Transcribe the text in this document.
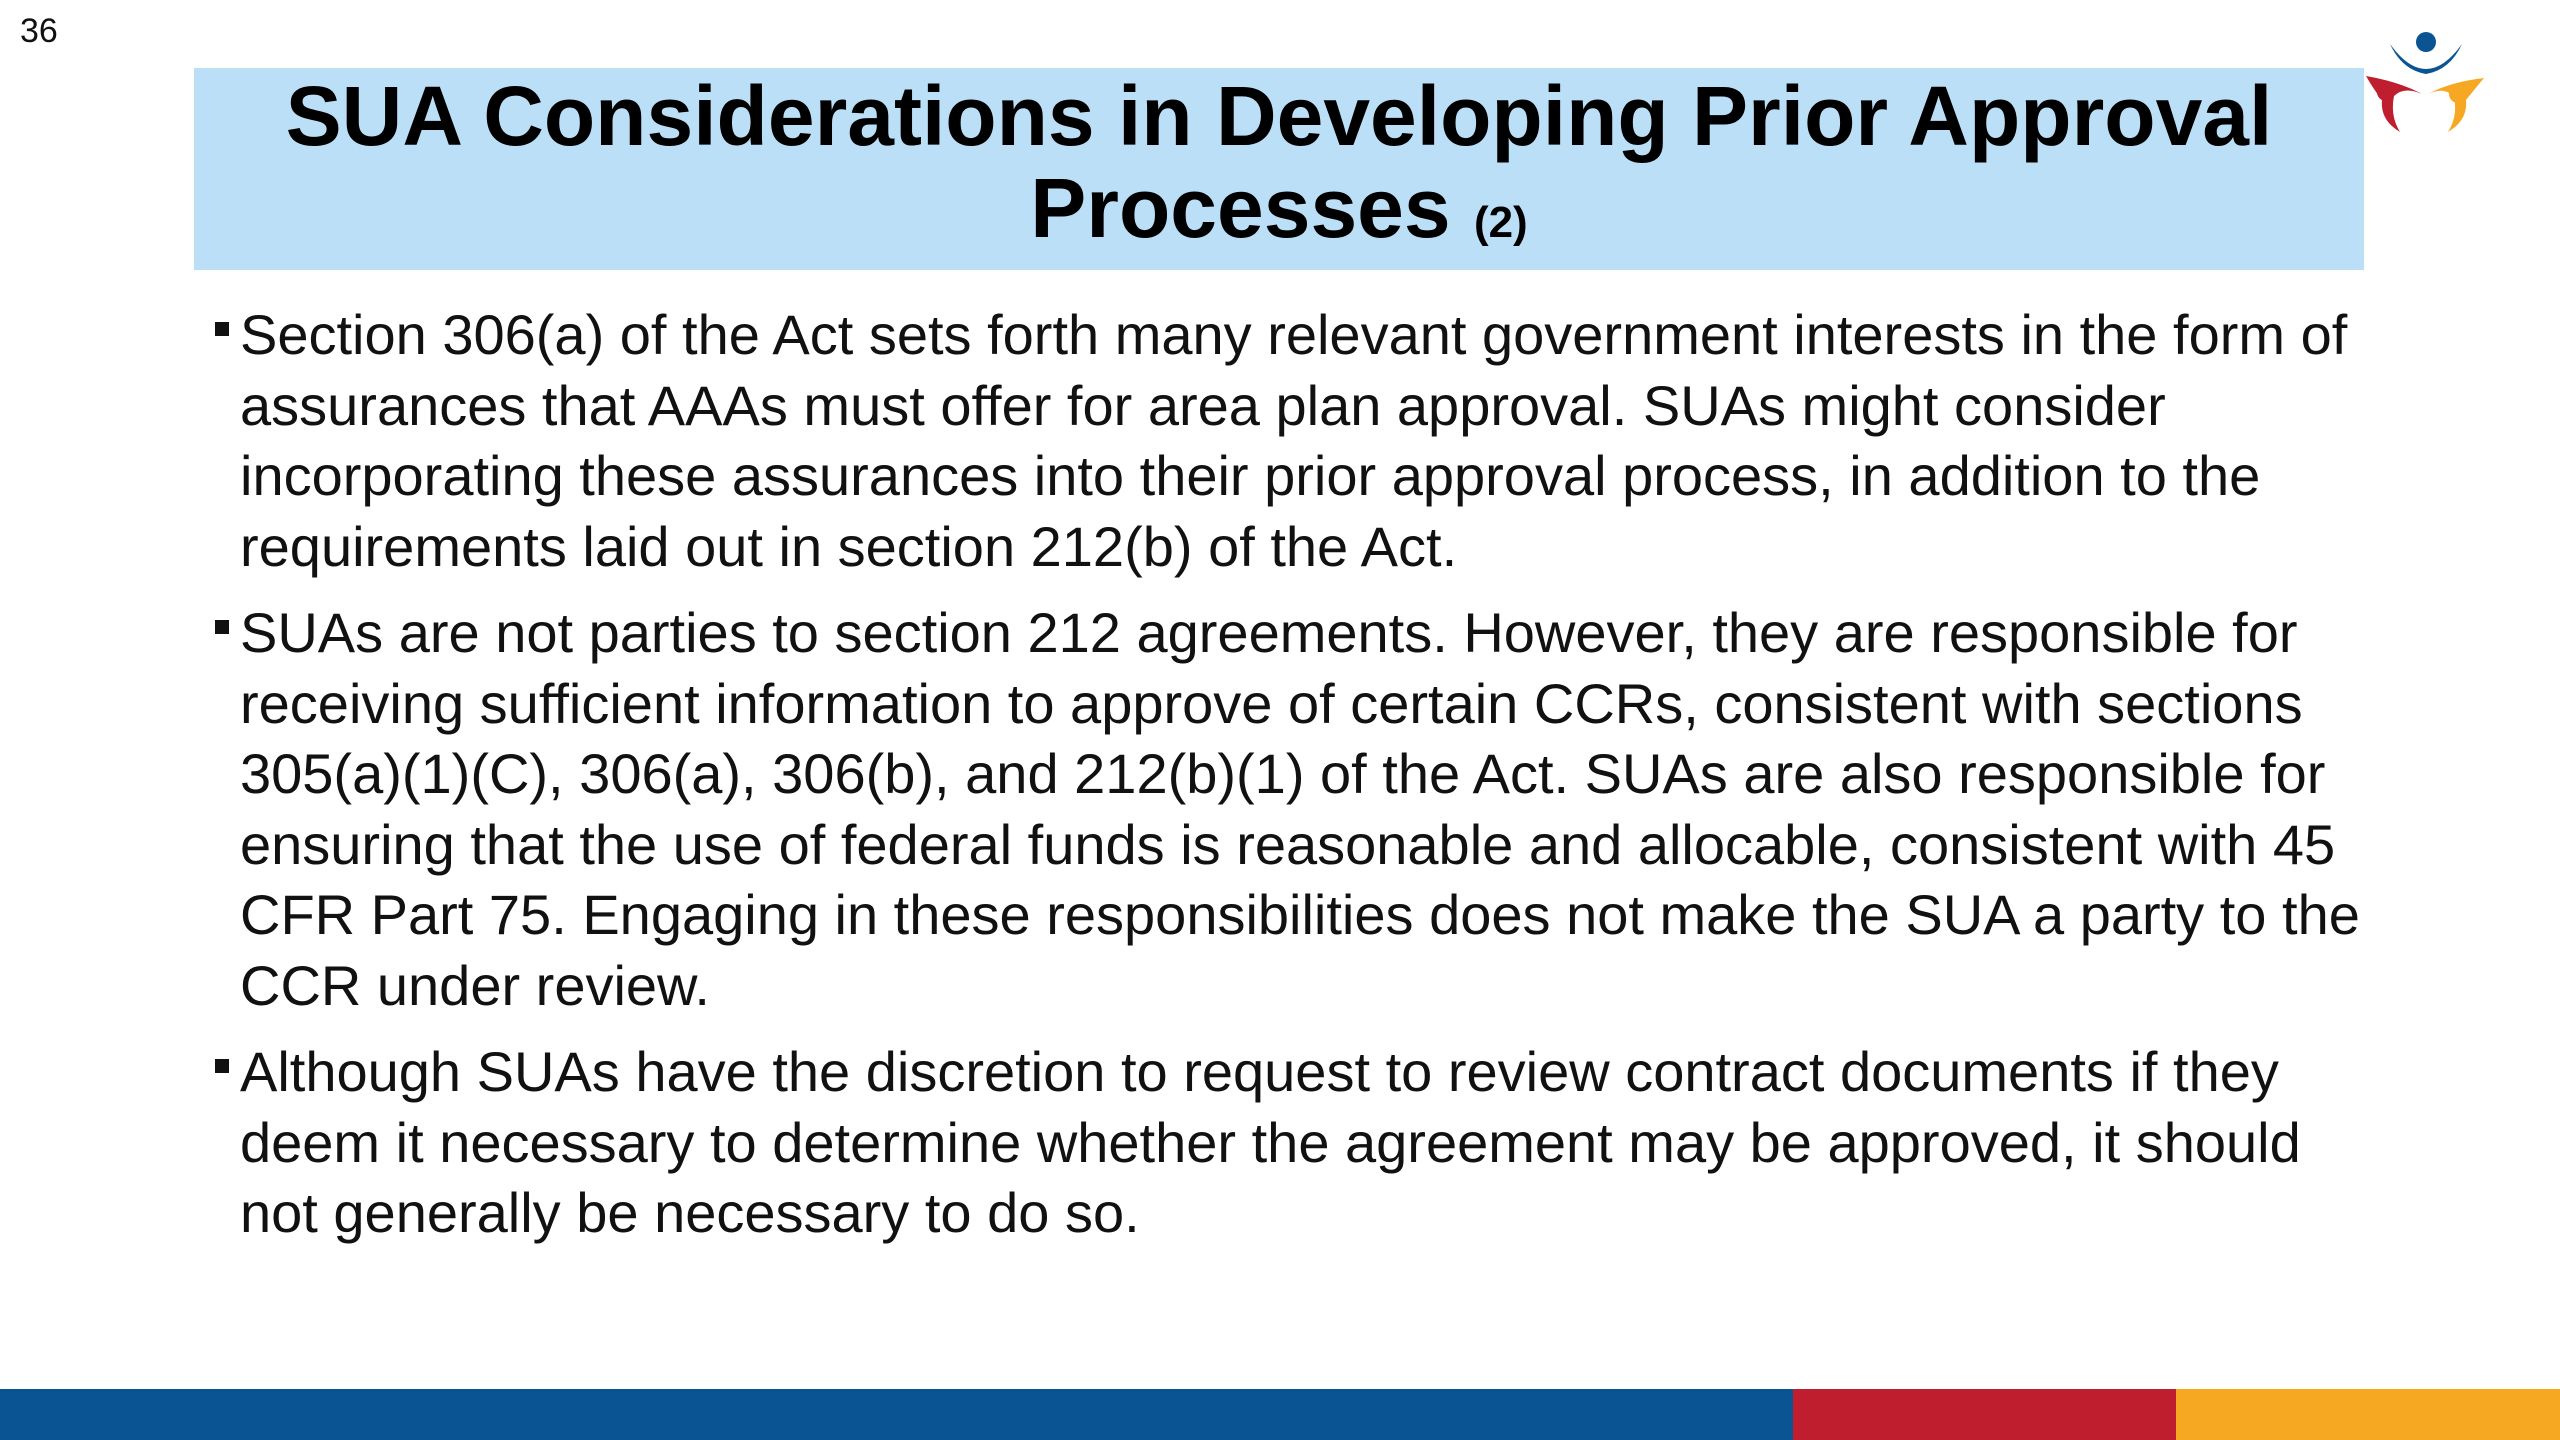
36
SUA Considerations in Developing Prior Approval Processes (2)
Section 306(a) of the Act sets forth many relevant government interests in the form of assurances that AAAs must offer for area plan approval. SUAs might consider incorporating these assurances into their prior approval process, in addition to the requirements laid out in section 212(b) of the Act.
SUAs are not parties to section 212 agreements. However, they are responsible for receiving sufficient information to approve of certain CCRs, consistent with sections 305(a)(1)(C), 306(a), 306(b), and 212(b)(1) of the Act. SUAs are also responsible for ensuring that the use of federal funds is reasonable and allocable, consistent with 45 CFR Part 75. Engaging in these responsibilities does not make the SUA a party to the CCR under review.
Although SUAs have the discretion to request to review contract documents if they deem it necessary to determine whether the agreement may be approved, it should not generally be necessary to do so.
